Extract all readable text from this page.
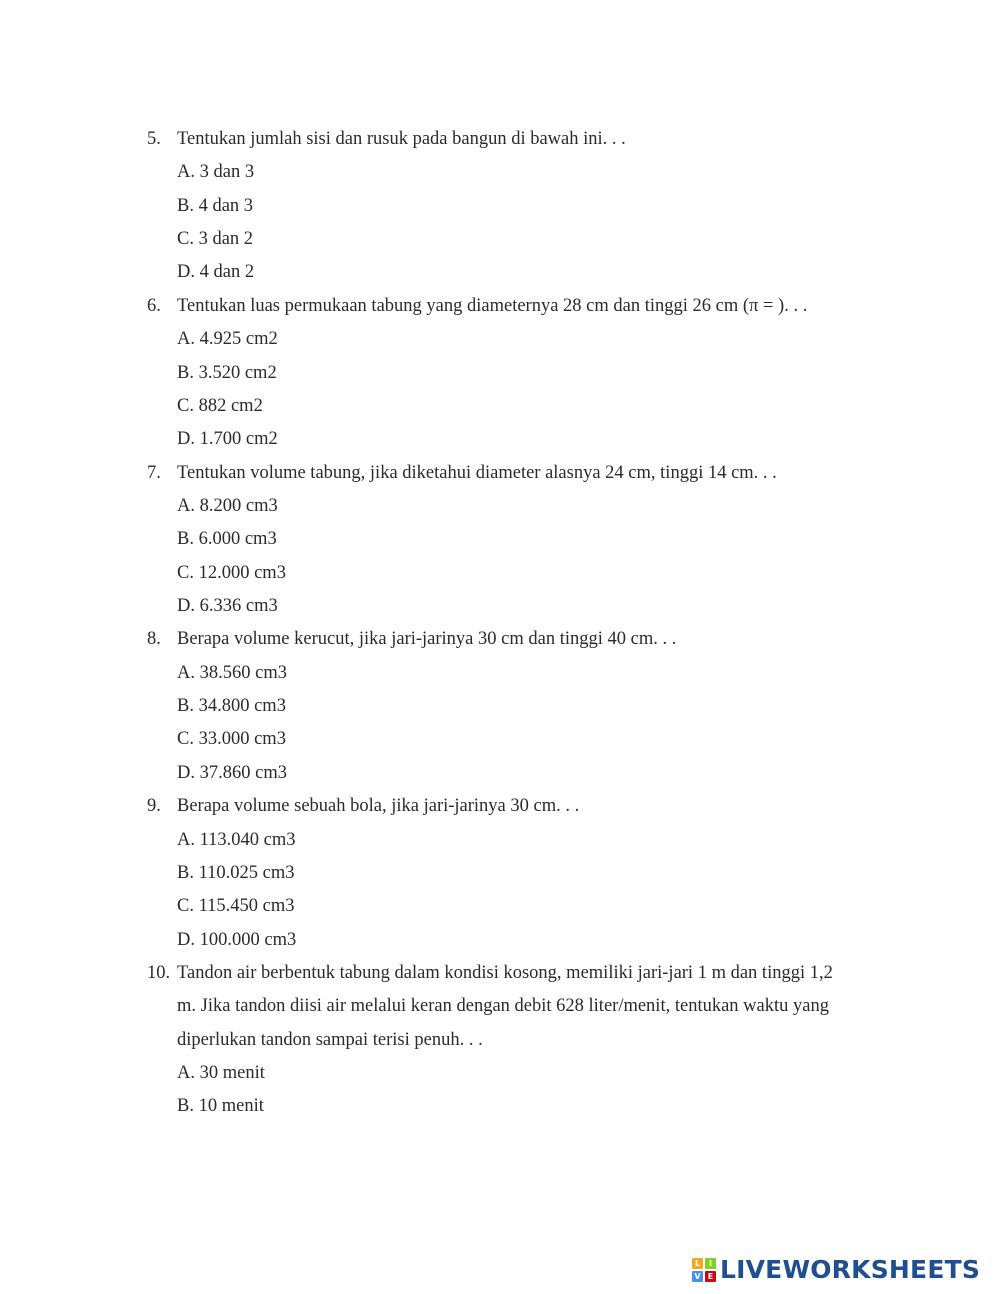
5. Tentukan jumlah sisi dan rusuk pada bangun di bawah ini. . .
A. 3 dan 3
B. 4 dan 3
C. 3 dan 2
D. 4 dan 2
6. Tentukan luas permukaan tabung yang diameternya 28 cm dan tinggi 26 cm (π = ). . .
A. 4.925 cm2
B. 3.520 cm2
C. 882 cm2
D. 1.700 cm2
7. Tentukan volume tabung, jika diketahui diameter alasnya 24 cm, tinggi 14 cm. . .
A. 8.200 cm3
B. 6.000 cm3
C. 12.000 cm3
D. 6.336 cm3
8. Berapa volume kerucut, jika jari-jarinya 30 cm dan tinggi 40 cm. . .
A. 38.560 cm3
B. 34.800 cm3
C. 33.000 cm3
D. 37.860 cm3
9. Berapa volume sebuah bola, jika jari-jarinya 30 cm. . .
A. 113.040 cm3
B. 110.025 cm3
C. 115.450 cm3
D. 100.000 cm3
10. Tandon air berbentuk tabung dalam kondisi kosong, memiliki jari-jari 1 m dan tinggi 1,2
m. Jika tandon diisi air melalui keran dengan debit 628 liter/menit, tentukan waktu yang
diperlukan tandon sampai terisi penuh. . .
A. 30 menit
B. 10 menit
L	I
V E LIVEWORKSHEETS
